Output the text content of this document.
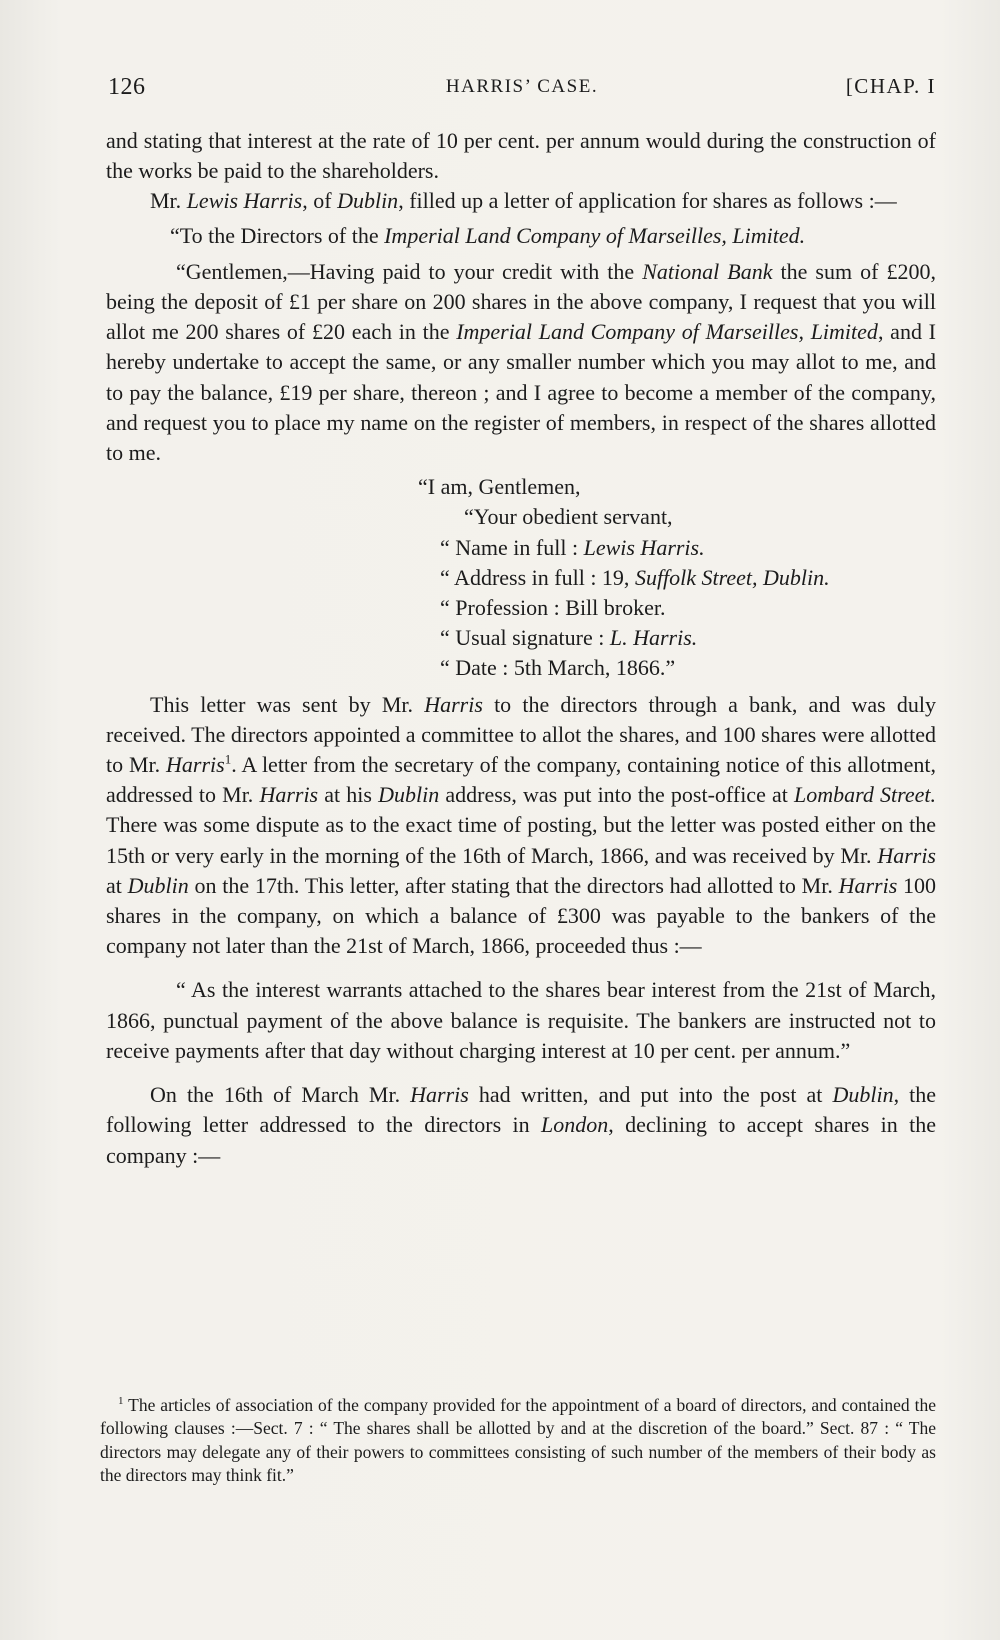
126	HARRIS’ CASE.	[CHAP. I

and stating that interest at the rate of 10 per cent. per annum would during the construction of the works be paid to the shareholders.

Mr. Lewis Harris, of Dublin, filled up a letter of application for shares as follows :—

“To the Directors of the Imperial Land Company of Marseilles, Limited.

“Gentlemen,—Having paid to your credit with the National Bank the sum of £200, being the deposit of £1 per share on 200 shares in the above company, I request that you will allot me 200 shares of £20 each in the Imperial Land Company of Marseilles, Limited, and I hereby undertake to accept the same, or any smaller number which you may allot to me, and to pay the balance, £19 per share, thereon ; and I agree to become a member of the company, and request you to place my name on the register of members, in respect of the shares allotted to me.

“I am, Gentlemen,

“Your obedient servant,

“ Name in full : Lewis Harris.

“ Address in full : 19, Suffolk Street, Dublin.

“ Profession : Bill broker.

“ Usual signature : L. Harris.

“ Date : 5th March, 1866.”

This letter was sent by Mr. Harris to the directors through a bank, and was duly received. The directors appointed a committee to allot the shares, and 100 shares were allotted to Mr. Harris$^1$. A letter from the secretary of the company, containing notice of this allotment, addressed to Mr. Harris at his Dublin address, was put into the post-office at Lombard Street. There was some dispute as to the exact time of posting, but the letter was posted either on the 15th or very early in the morning of the 16th of March, 1866, and was received by Mr. Harris at Dublin on the 17th. This letter, after stating that the directors had allotted to Mr. Harris 100 shares in the company, on which a balance of £300 was payable to the bankers of the company not later than the 21st of March, 1866, proceeded thus :—

“ As the interest warrants attached to the shares bear interest from the 21st of March, 1866, punctual payment of the above balance is requisite. The bankers are instructed not to receive payments after that day without charging interest at 10 per cent. per annum.”

On the 16th of March Mr. Harris had written, and put into the post at Dublin, the following letter addressed to the directors in London, declining to accept shares in the company :—

$^1$ The articles of association of the company provided for the appointment of a board of directors, and contained the following clauses :—Sect. 7 : “ The shares shall be allotted by and at the discretion of the board.” Sect. 87 : “ The directors may delegate any of their powers to committees consisting of such number of the members of their body as the directors may think fit.”
